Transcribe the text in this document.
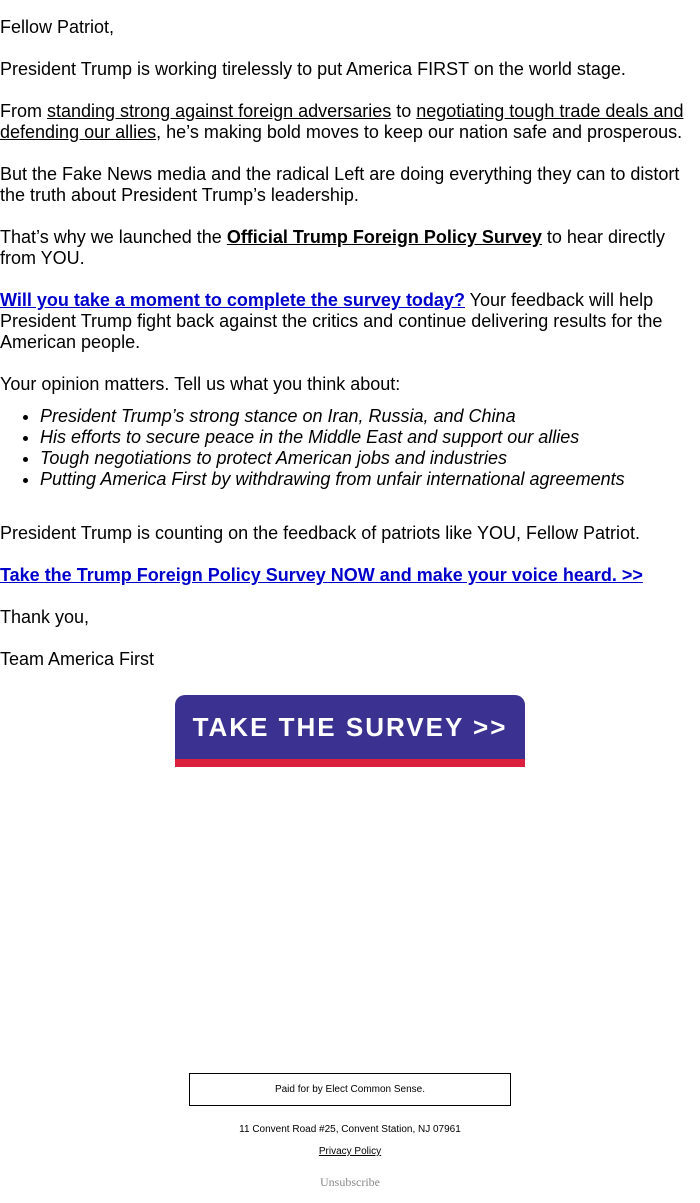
Fellow Patriot,

President Trump is working tirelessly to put America FIRST on the world stage.

From standing strong against foreign adversaries to negotiating tough trade deals and defending our allies, he’s making bold moves to keep our nation safe and prosperous.

But the Fake News media and the radical Left are doing everything they can to distort the truth about President Trump’s leadership.

That’s why we launched the Official Trump Foreign Policy Survey to hear directly from YOU.

Will you take a moment to complete the survey today? Your feedback will help President Trump fight back against the critics and continue delivering results for the American people.

Your opinion matters. Tell us what you think about:

• President Trump’s strong stance on Iran, Russia, and China
• His efforts to secure peace in the Middle East and support our allies
• Tough negotiations to protect American jobs and industries
• Putting America First by withdrawing from unfair international agreements

President Trump is counting on the feedback of patriots like YOU, Fellow Patriot.

Take the Trump Foreign Policy Survey NOW and make your voice heard. >>

Thank you,

Team America First

TAKE THE SURVEY >>
Paid for by Elect Common Sense.
11 Convent Road #25, Convent Station, NJ 07961
Privacy Policy
Unsubscribe
